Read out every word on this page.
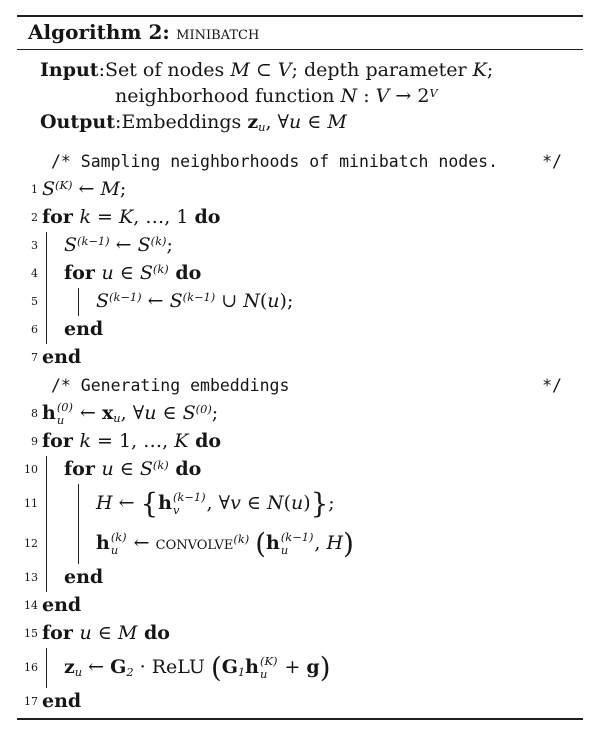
Algorithm 2: minibatch
Input : Set of nodes M ⊂ V; depth parameter K;
neighborhood function N : $V \to 2^V$
Output : Embeddings zu, ∀u ∈ M
/* Sampling neighborhoods of minibatch nodes.	*/
1 $S^{(K)}$ ← M;
2 for k = K, …, 1 do
3 $S^{(k-1)}$ ← $S^{(k)}$;
4 for u ∈ $S^{(k)}$ do
5	$S^{(k-1)}$ ← $S^{(k-1)}$ ∪ N(u);
6 end
7 end
/* Generating embeddings	*/
8 h (0)
u ← xu, ∀u ∈ $S^{(0)}$;
9 for k = 1, …, K do
10 for u ∈ $S^{(k)}$ do
11	H ← {h (k−1)
v	, ∀v ∈ N(u)};
12	h (k)
u ← convolve$^{(k)}$ (h (k−1)
u	, H)
13 end
14 end
15 for u ∈ M do
16 zu ← G2 · ReLU (G1h (K)
u + g)
17 end
